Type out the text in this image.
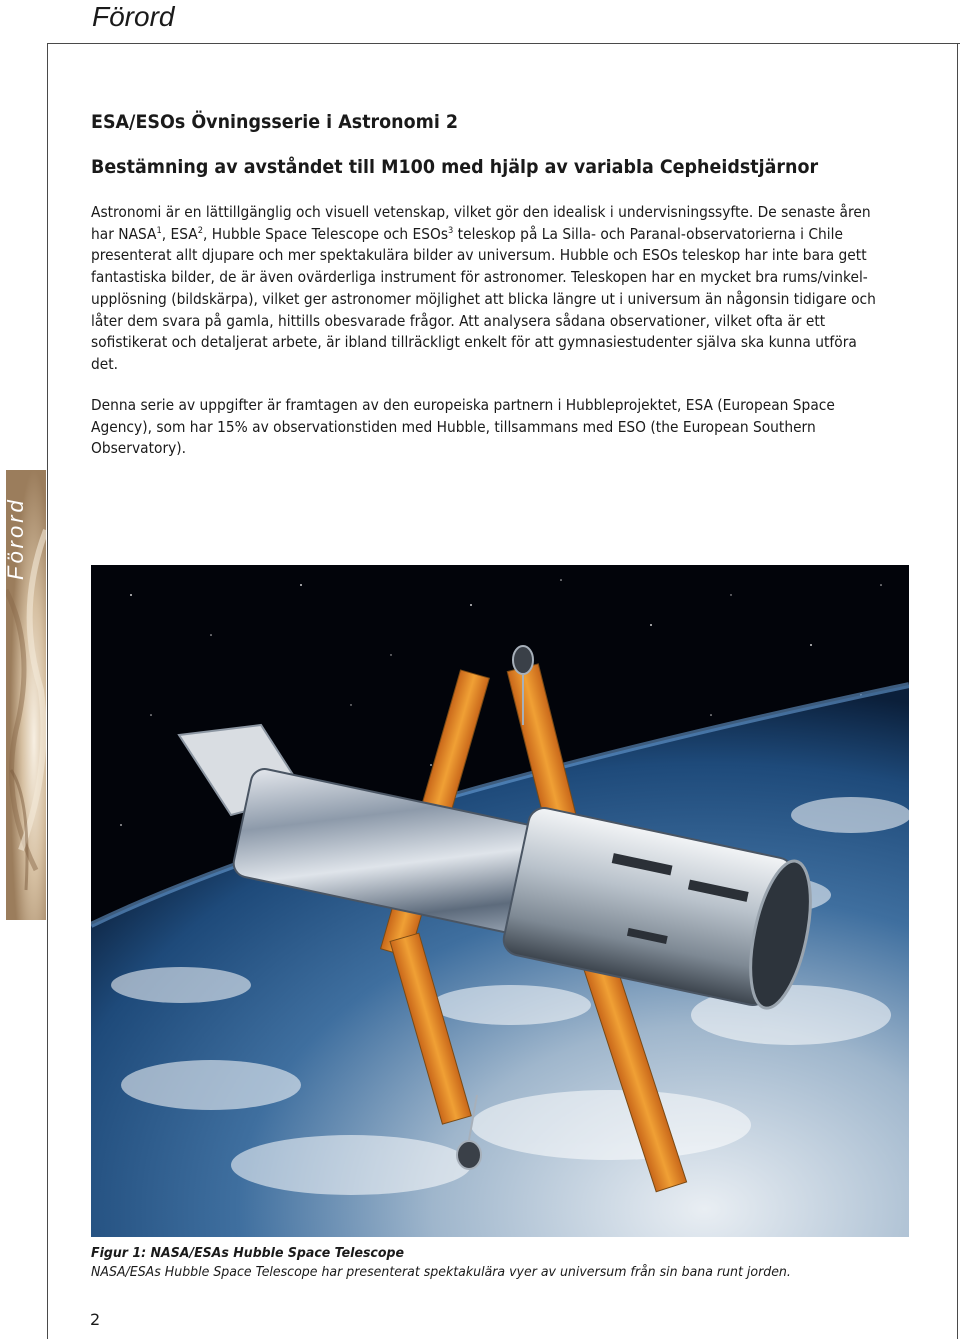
Förord
Förord
ESA/ESOs Övningsserie i Astronomi 2
Bestämning av avståndet till M100 med hjälp av variabla Cepheidstjärnor
Astronomi är en lättillgänglig och visuell vetenskap, vilket gör den idealisk i undervisningssyfte. De senaste åren har NASA$^1$, ESA$^2$, Hubble Space Telescope och ESOs$^3$ teleskop på La Silla- och Paranal-observatorierna i Chile presenterat allt djupare och mer spektakulära bilder av universum. Hubble och ESOs teleskop har inte bara gett fantastiska bilder, de är även ovärderliga instrument för astronomer. Teleskopen har en mycket bra rums/vinkel-upplösning (bildskärpa), vilket ger astronomer möjlighet att blicka längre ut i universum än någonsin tidigare och låter dem svara på gamla, hittills obesvarade frågor. Att analysera sådana observationer, vilket ofta är ett sofistikerat och detaljerat arbete, är ibland tillräckligt enkelt för att gymnasiestudenter själva ska kunna utföra det.
Denna serie av uppgifter är framtagen av den europeiska partnern i Hubbleprojektet, ESA (European Space Agency), som har 15% av observationstiden med Hubble, tillsammans med ESO (the European Southern Observatory).
Figur 1: NASA/ESAs Hubble Space Telescope
NASA/ESAs Hubble Space Telescope har presenterat spektakulära vyer av universum från sin bana runt jorden.
2
